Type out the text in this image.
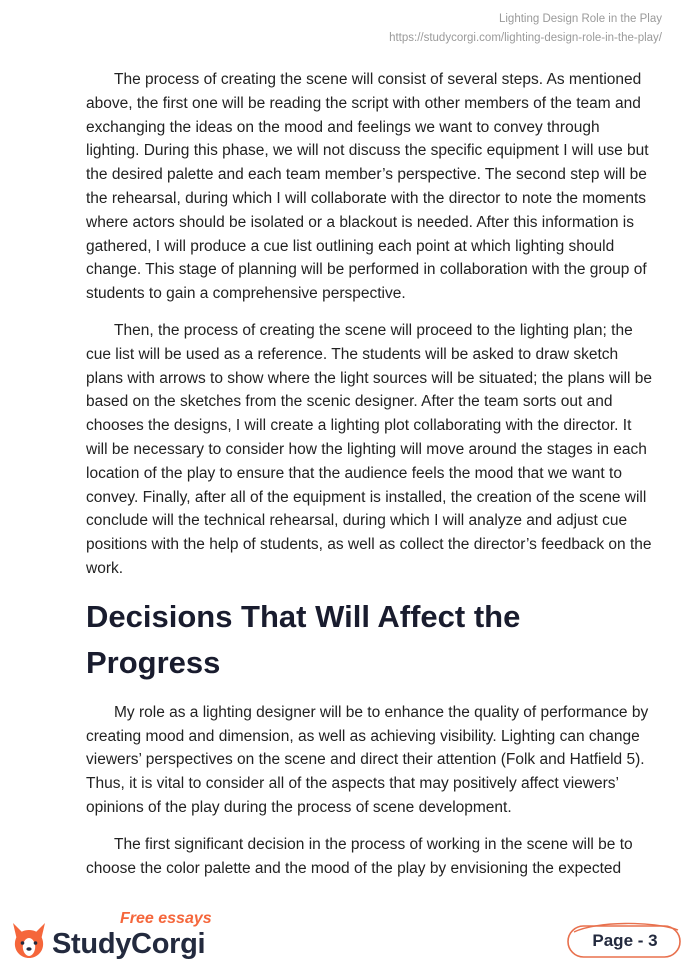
Lighting Design Role in the Play
https://studycorgi.com/lighting-design-role-in-the-play/

The process of creating the scene will consist of several steps. As mentioned above, the first one will be reading the script with other members of the team and exchanging the ideas on the mood and feelings we want to convey through lighting. During this phase, we will not discuss the specific equipment I will use but the desired palette and each team member’s perspective. The second step will be the rehearsal, during which I will collaborate with the director to note the moments where actors should be isolated or a blackout is needed. After this information is gathered, I will produce a cue list outlining each point at which lighting should change. This stage of planning will be performed in collaboration with the group of students to gain a comprehensive perspective.

Then, the process of creating the scene will proceed to the lighting plan; the cue list will be used as a reference. The students will be asked to draw sketch plans with arrows to show where the light sources will be situated; the plans will be based on the sketches from the scenic designer. After the team sorts out and chooses the designs, I will create a lighting plot collaborating with the director. It will be necessary to consider how the lighting will move around the stages in each location of the play to ensure that the audience feels the mood that we want to convey. Finally, after all of the equipment is installed, the creation of the scene will conclude will the technical rehearsal, during which I will analyze and adjust cue positions with the help of students, as well as collect the director’s feedback on the work.

Decisions That Will Affect the Progress

My role as a lighting designer will be to enhance the quality of performance by creating mood and dimension, as well as achieving visibility. Lighting can change viewers’ perspectives on the scene and direct their attention (Folk and Hatfield 5). Thus, it is vital to consider all of the aspects that may positively affect viewers’ opinions of the play during the process of scene development.

The first significant decision in the process of working in the scene will be to choose the color palette and the mood of the play by envisioning the expected

Free essays
StudyCorgi	Page - 3
